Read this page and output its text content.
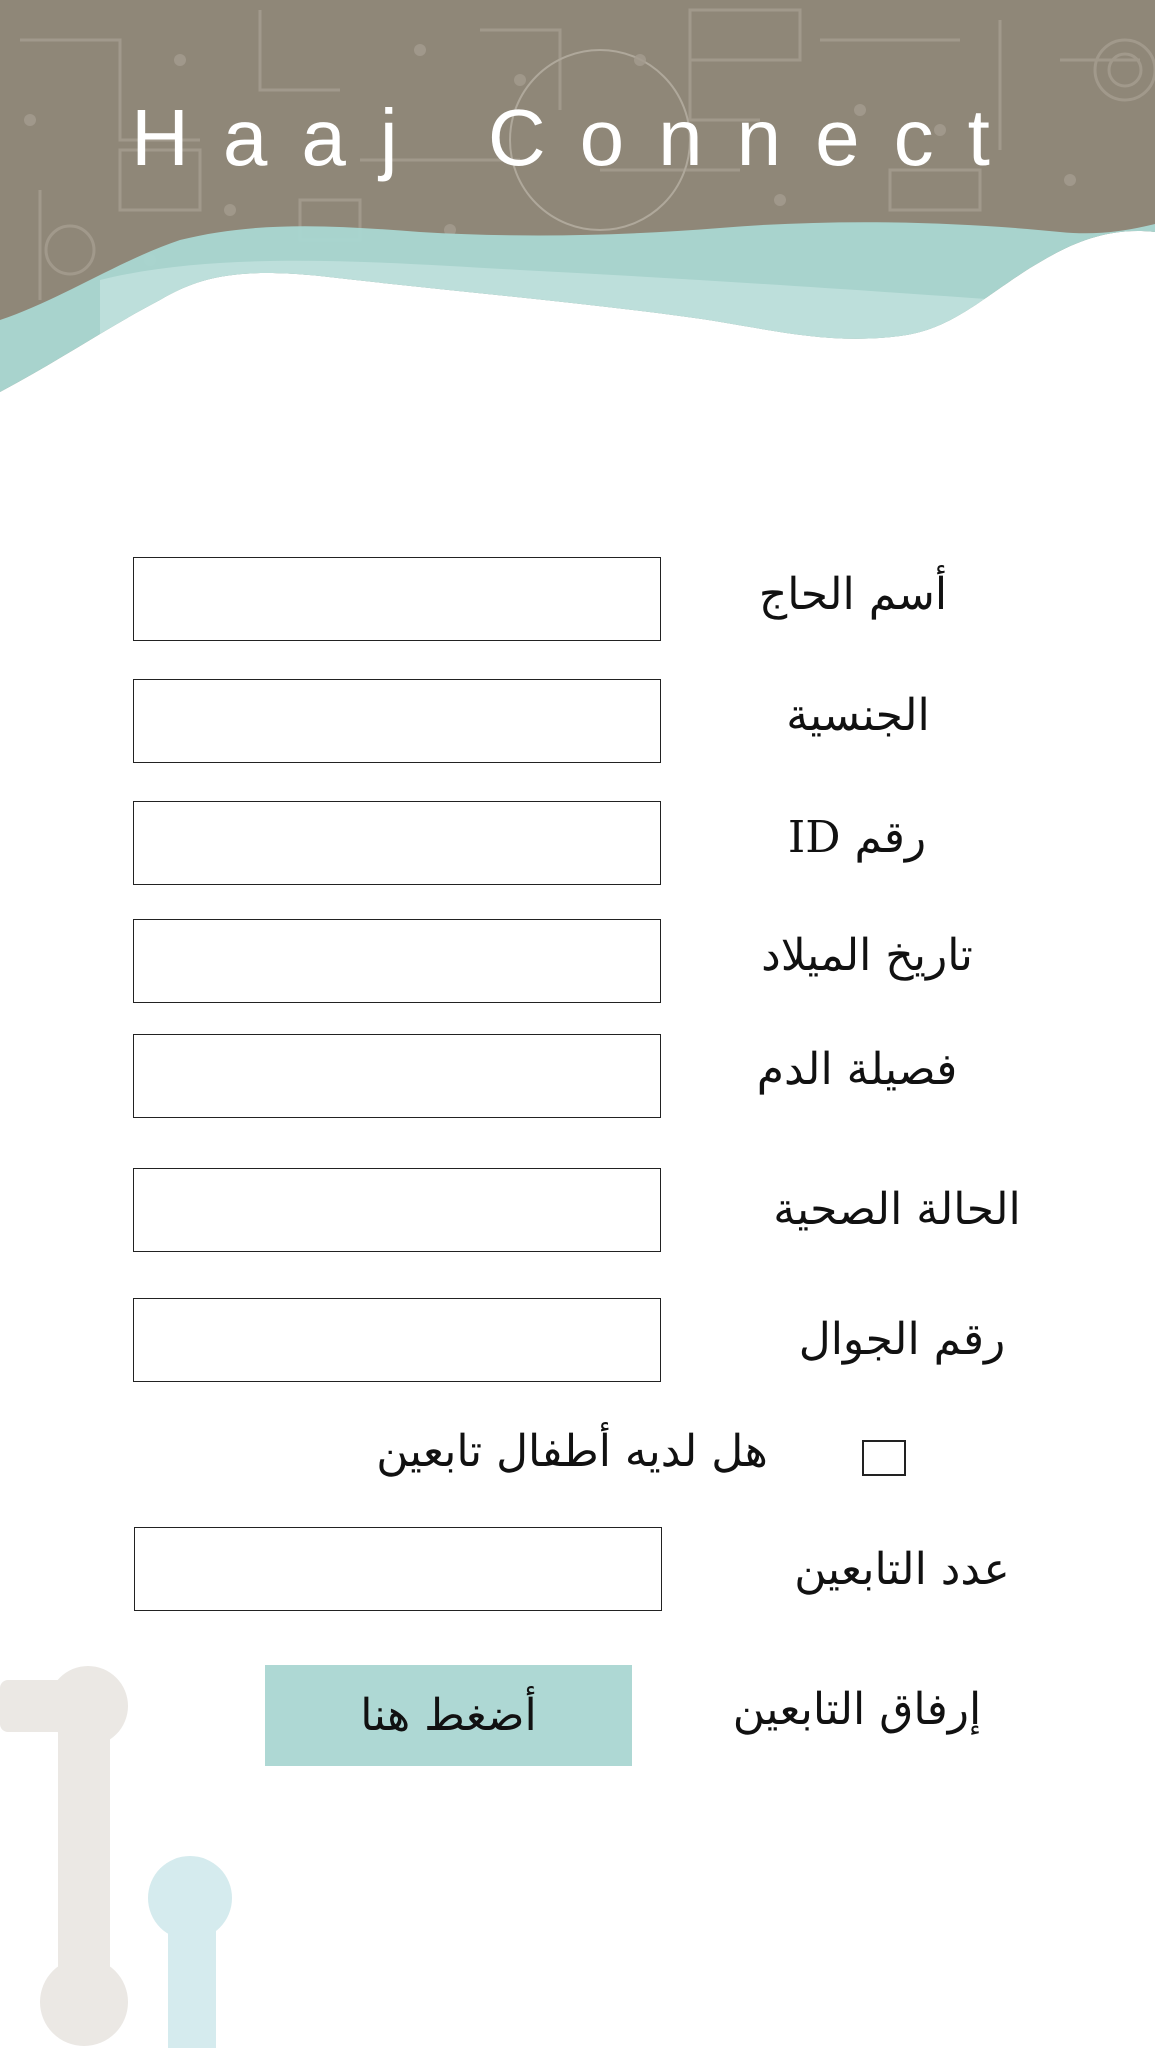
Haaj Connect
أسم الحاج
الجنسية
رقم ID
تاريخ الميلاد
فصيلة الدم
الحالة الصحية
رقم الجوال
هل لديه أطفال تابعين
عدد التابعين
إرفاق التابعين
أضغط هنا
